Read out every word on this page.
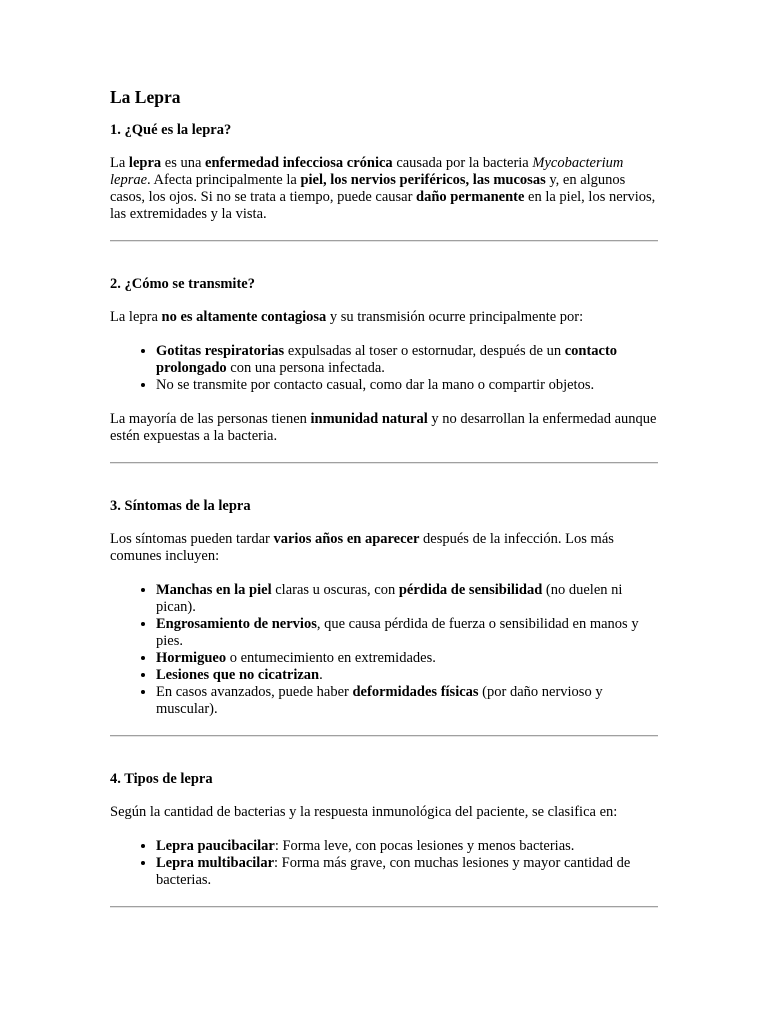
La Lepra
1. ¿Qué es la lepra?

La lepra es una enfermedad infecciosa crónica causada por la bacteria Mycobacterium leprae. Afecta principalmente la piel, los nervios periféricos, las mucosas y, en algunos casos, los ojos. Si no se trata a tiempo, puede causar daño permanente en la piel, los nervios, las extremidades y la vista.

2. ¿Cómo se transmite?

La lepra no es altamente contagiosa y su transmisión ocurre principalmente por:

• Gotitas respiratorias expulsadas al toser o estornudar, después de un contacto prolongado con una persona infectada.
• No se transmite por contacto casual, como dar la mano o compartir objetos.

La mayoría de las personas tienen inmunidad natural y no desarrollan la enfermedad aunque estén expuestas a la bacteria.

3. Síntomas de la lepra

Los síntomas pueden tardar varios años en aparecer después de la infección. Los más comunes incluyen:

• Manchas en la piel claras u oscuras, con pérdida de sensibilidad (no duelen ni pican).
• Engrosamiento de nervios, que causa pérdida de fuerza o sensibilidad en manos y pies.
• Hormigueo o entumecimiento en extremidades.
• Lesiones que no cicatrizan.
• En casos avanzados, puede haber deformidades físicas (por daño nervioso y muscular).
4. Tipos de lepra

Según la cantidad de bacterias y la respuesta inmunológica del paciente, se clasifica en:

• Lepra paucibacilar: Forma leve, con pocas lesiones y menos bacterias.
• Lepra multibacilar: Forma más grave, con muchas lesiones y mayor cantidad de bacterias.
